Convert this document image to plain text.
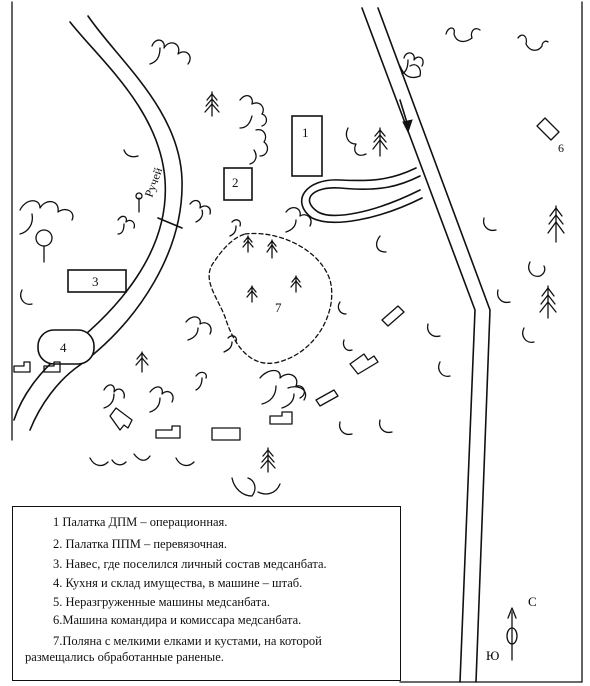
Ручей
1
2
3
4
7
6
1 Палатка ДПМ – операционная.
2. Палатка ППМ – перевязочная.
3. Навес, где поселился личный состав медсанбата.
4. Кухня и склад имущества, в машине – штаб.
5. Неразгруженные машины медсанбата.
6.Машина командира и комиссара медсанбата.
7.Поляна с мелкими елками и кустами, на которой
размещались обработанные раненые.
С
Ю
